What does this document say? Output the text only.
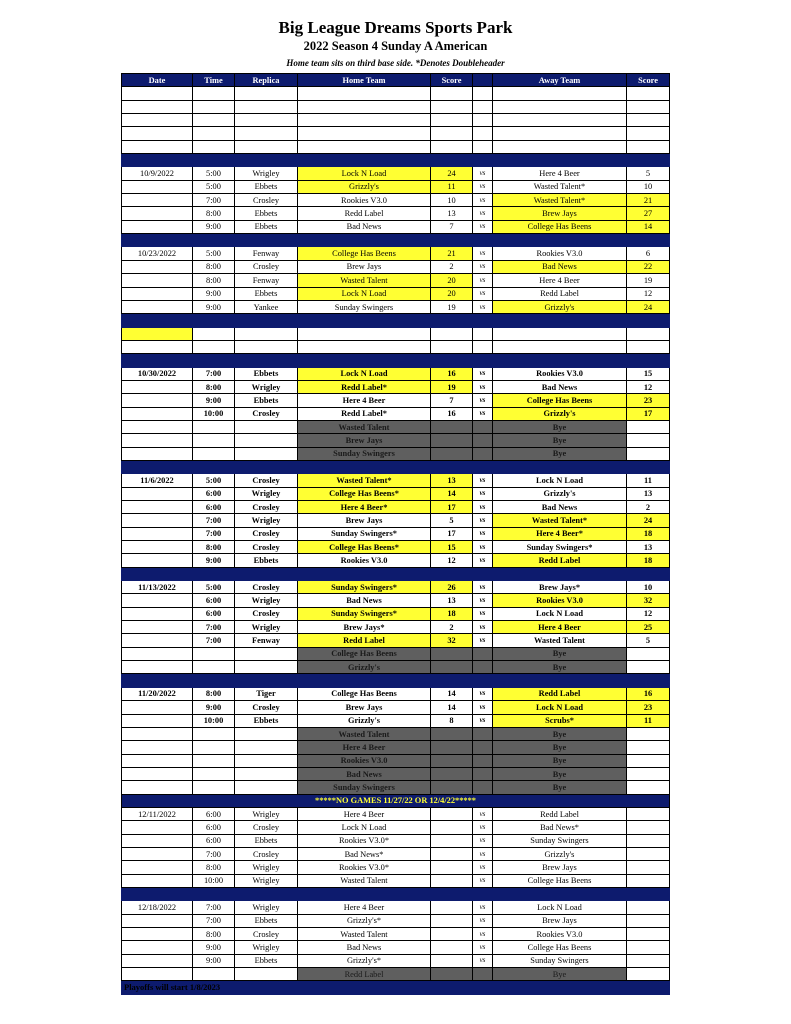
Big League Dreams Sports Park
2022 Season 4 Sunday A American
Home team sits on third base side. *Denotes Doubleheader
Date	Time	Replica	Home Team	Score		Away Team	Score

10/9/2022	5:00	Wrigley	Lock N Load	24	vs	Here 4 Beer	5
	5:00	Ebbets	Grizzly's	11	vs	Wasted Talent*	10
	7:00	Crosley	Rookies V3.0	10	vs	Wasted Talent*	21
	8:00	Ebbets	Redd Label	13	vs	Brew Jays	27
	9:00	Ebbets	Bad News	7	vs	College Has Beens	14

10/23/2022	5:00	Fenway	College Has Beens	21	vs	Rookies V3.0	6
	8:00	Crosley	Brew Jays	2	vs	Bad News	22
	8:00	Fenway	Wasted Talent	20	vs	Here 4 Beer	19
	9:00	Ebbets	Lock N Load	20	vs	Redd Label	12
	9:00	Yankee	Sunday Swingers	19	vs	Grizzly's	24

10/30/2022	7:00	Ebbets	Lock N Load	16	vs	Rookies V3.0	15
	8:00	Wrigley	Redd Label*	19	vs	Bad News	12
	9:00	Ebbets	Here 4 Beer	7	vs	College Has Beens	23
	10:00	Crosley	Redd Label*	16	vs	Grizzly's	17
			Wasted Talent			Bye	
			Brew Jays			Bye	
			Sunday Swingers			Bye	

11/6/2022	5:00	Crosley	Wasted Talent*	13	vs	Lock N Load	11
	6:00	Wrigley	College Has Beens*	14	vs	Grizzly's	13
	6:00	Crosley	Here 4 Beer*	17	vs	Bad News	2
	7:00	Wrigley	Brew Jays	5	vs	Wasted Talent*	24
	7:00	Crosley	Sunday Swingers*	17	vs	Here 4 Beer*	18
	8:00	Crosley	College Has Beens*	15	vs	Sunday Swingers*	13
	9:00	Ebbets	Rookies V3.0	12	vs	Redd Label	18

11/13/2022	5:00	Crosley	Sunday Swingers*	26	vs	Brew Jays*	10
	6:00	Wrigley	Bad News	13	vs	Rookies V3.0	32
	6:00	Crosley	Sunday Swingers*	18	vs	Lock N Load	12
	7:00	Wrigley	Brew Jays*	2	vs	Here 4 Beer	25
	7:00	Fenway	Redd Label	32	vs	Wasted Talent	5
			College Has Beens			Bye	
			Grizzly's			Bye	

11/20/2022	8:00	Tiger	College Has Beens	14	vs	Redd Label	16
	9:00	Crosley	Brew Jays	14	vs	Lock N Load	23
	10:00	Ebbets	Grizzly's	8	vs	Scrubs*	11
			Wasted Talent			Bye	
			Here 4 Beer			Bye	
			Rookies V3.0			Bye	
			Bad News			Bye	
			Sunday Swingers			Bye	
*****NO GAMES 11/27/22 OR 12/4/22*****							
12/11/2022	6:00	Wrigley	Here 4 Beer		vs	Redd Label	
	6:00	Crosley	Lock N Load		vs	Bad News*	
	6:00	Ebbets	Rookies V3.0*		vs	Sunday Swingers	
	7:00	Crosley	Bad News*		vs	Grizzly's	
	8:00	Wrigley	Rookies V3.0*		vs	Brew Jays	
	10:00	Wrigley	Wasted Talent		vs	College Has Beens	

12/18/2022	7:00	Wrigley	Here 4 Beer		vs	Lock N Load	
	7:00	Ebbets	Grizzly's*		vs	Brew Jays	
	8:00	Crosley	Wasted Talent		vs	Rookies V3.0	
	9:00	Wrigley	Bad News		vs	College Has Beens	
	9:00	Ebbets	Grizzly's*		vs	Sunday Swingers	
			Redd Label			Bye	

Playoffs will start 1/8/2023
